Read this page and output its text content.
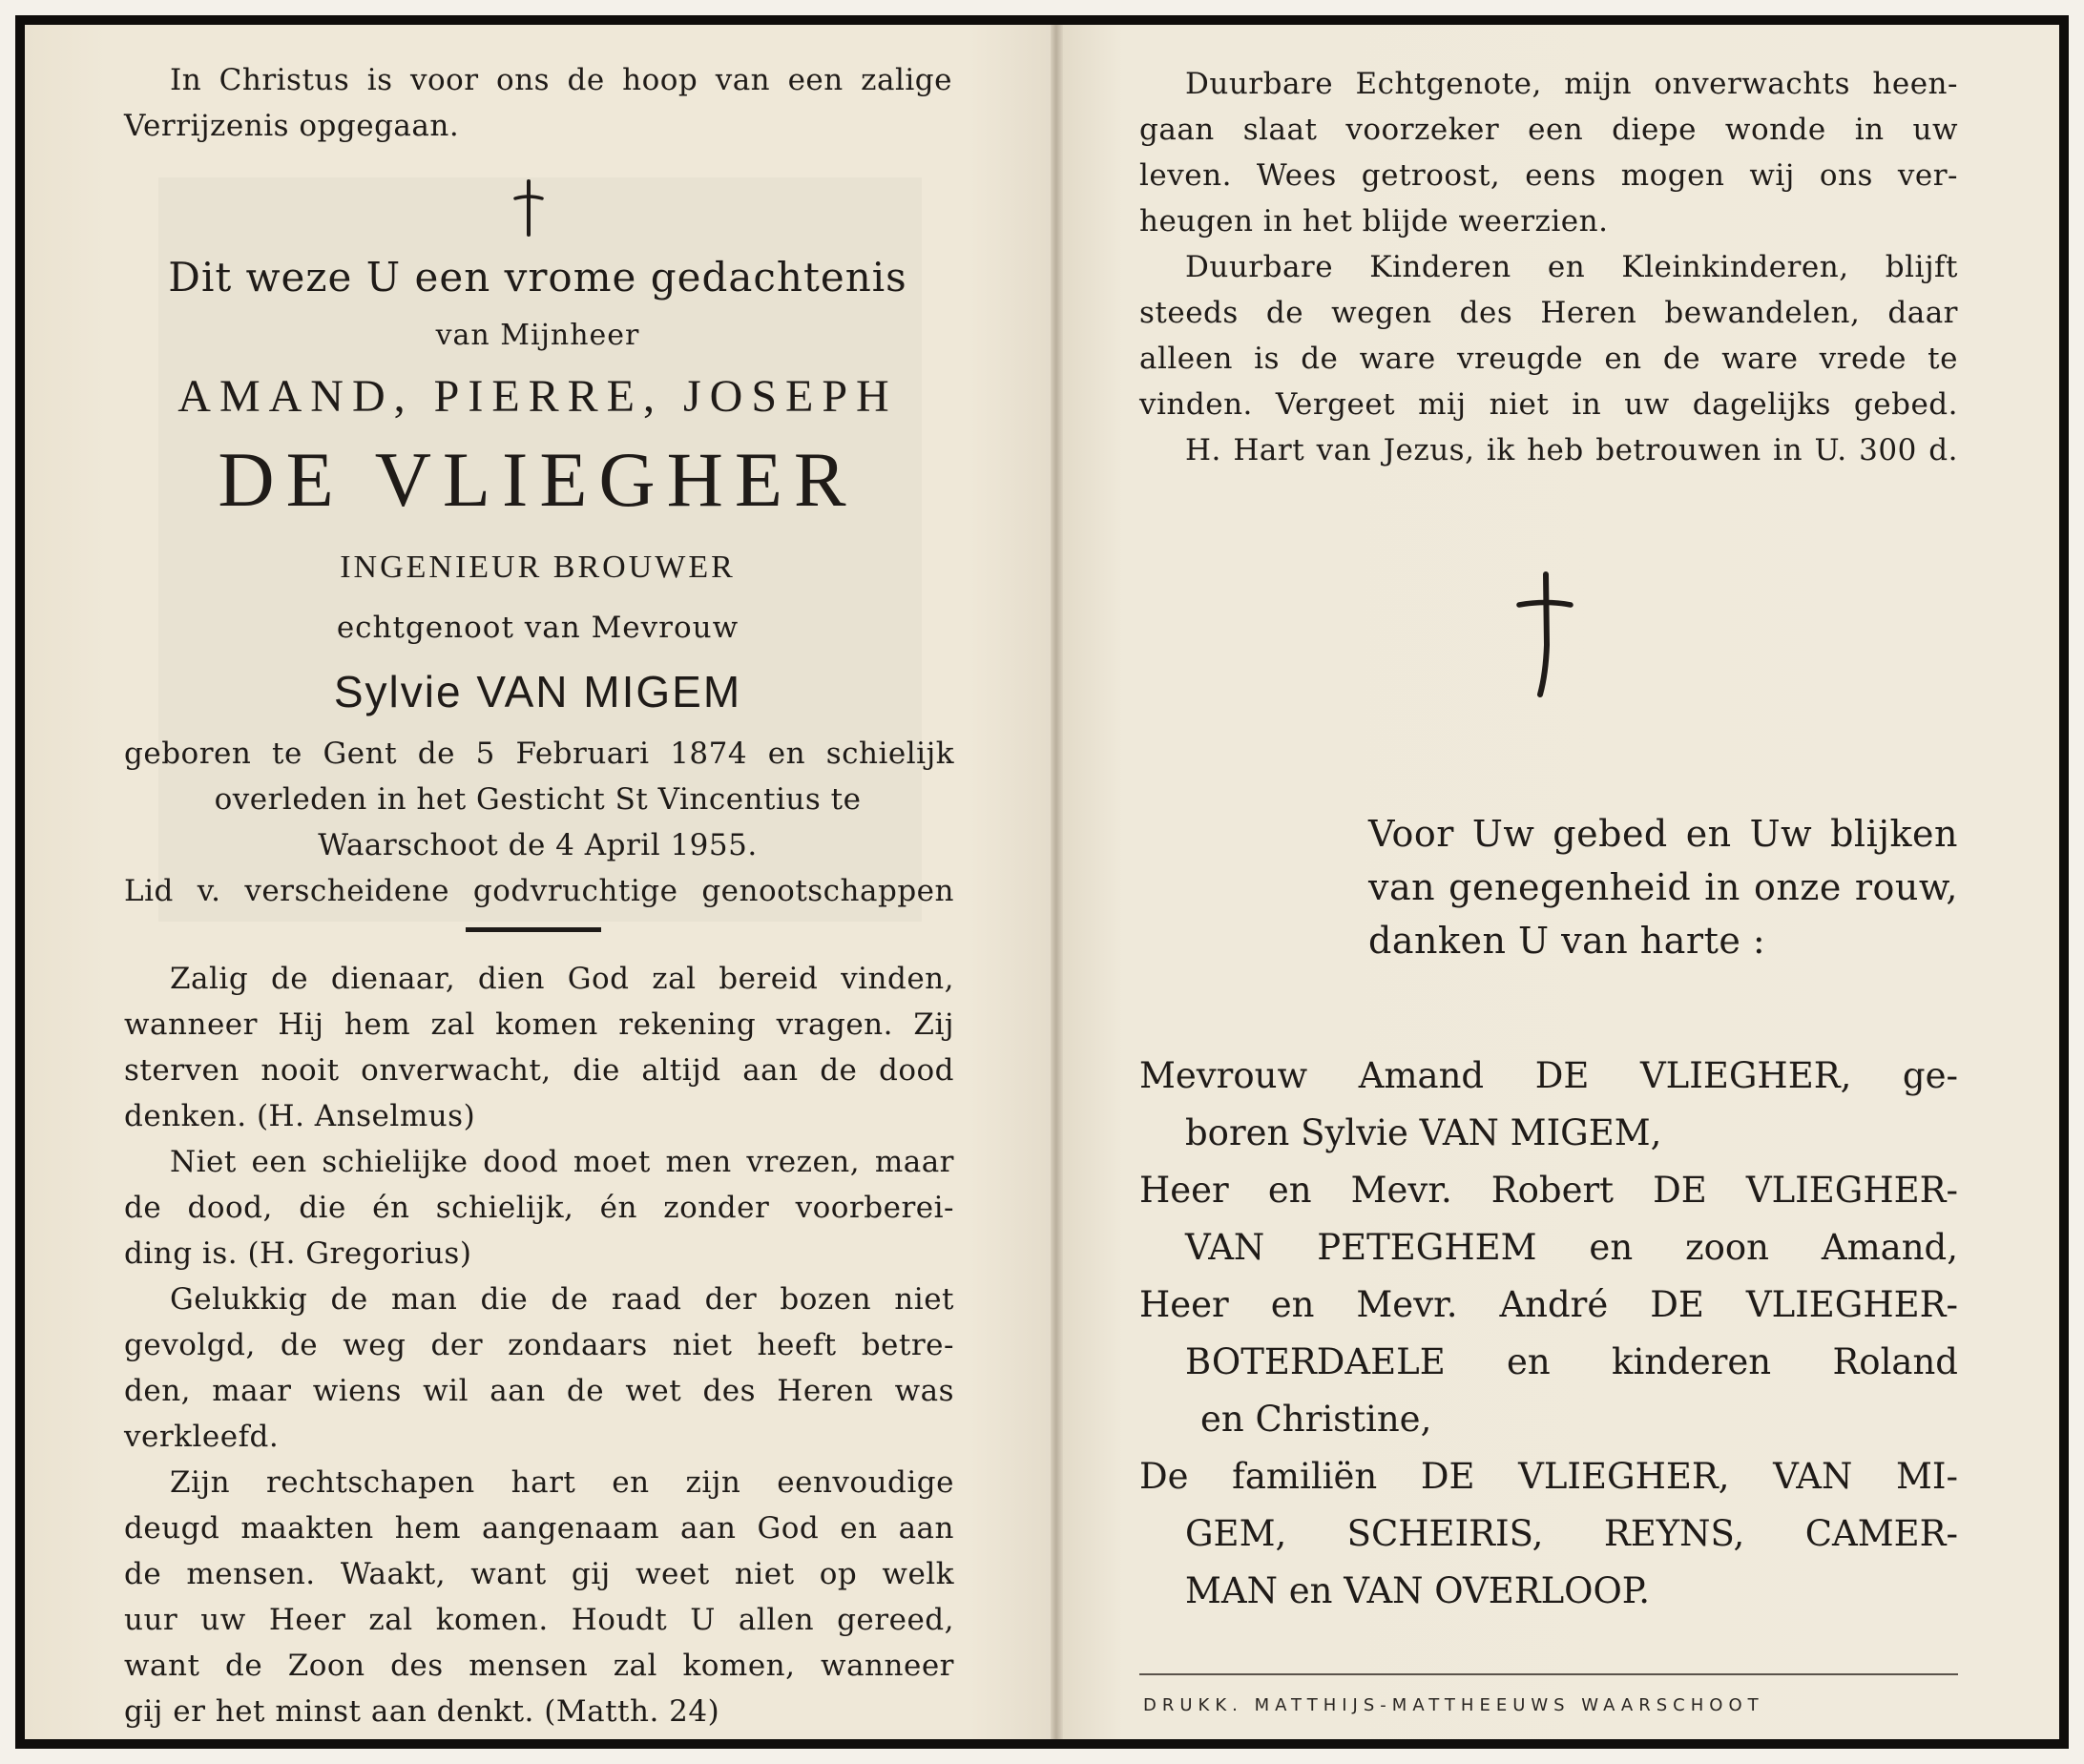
In Christus is voor ons de hoop van een zalige
Verrijzenis opgegaan.
Dit weze U een vrome gedachtenis
van Mijnheer
AMAND, PIERRE, JOSEPH
DE VLIEGHER
INGENIEUR BROUWER
echtgenoot van Mevrouw
Sylvie VAN MIGEM
geboren te Gent de 5 Februari 1874 en schielijk
overleden in het Gesticht St Vincentius te
Waarschoot de 4 April 1955.
Lid v. verscheidene godvruchtige genootschappen
Zalig de dienaar, dien God zal bereid vinden,
wanneer Hij hem zal komen rekening vragen. Zij
sterven nooit onverwacht, die altijd aan de dood
denken. (H. Anselmus)
Niet een schielijke dood moet men vrezen, maar
de dood, die én schielijk, én zonder voorberei-
ding is. (H. Gregorius)
Gelukkig de man die de raad der bozen niet
gevolgd, de weg der zondaars niet heeft betre-
den, maar wiens wil aan de wet des Heren was
verkleefd.
Zijn rechtschapen hart en zijn eenvoudige
deugd maakten hem aangenaam aan God en aan
de mensen. Waakt, want gij weet niet op welk
uur uw Heer zal komen. Houdt U allen gereed,
want de Zoon des mensen zal komen, wanneer
gij er het minst aan denkt. (Matth. 24)
Duurbare Echtgenote, mijn onverwachts heen-
gaan slaat voorzeker een diepe wonde in uw
leven. Wees getroost, eens mogen wij ons ver-
heugen in het blijde weerzien.
Duurbare Kinderen en Kleinkinderen, blijft
steeds de wegen des Heren bewandelen, daar
alleen is de ware vreugde en de ware vrede te
vinden. Vergeet mij niet in uw dagelijks gebed.
H. Hart van Jezus, ik heb betrouwen in U. 300 d.
Voor Uw gebed en Uw blijken
van genegenheid in onze rouw,
danken U van harte :
Mevrouw Amand DE VLIEGHER, ge-
boren Sylvie VAN MIGEM,
Heer en Mevr. Robert DE VLIEGHER-
VAN PETEGHEM en zoon Amand,
Heer en Mevr. André DE VLIEGHER-
BOTERDAELE en kinderen Roland
en Christine,
De familiën DE VLIEGHER, VAN MI-
GEM, SCHEIRIS, REYNS, CAMER-
MAN en VAN OVERLOOP.
DRUKK. MATTHIJS-MATTHEEUWS WAARSCHOOT
